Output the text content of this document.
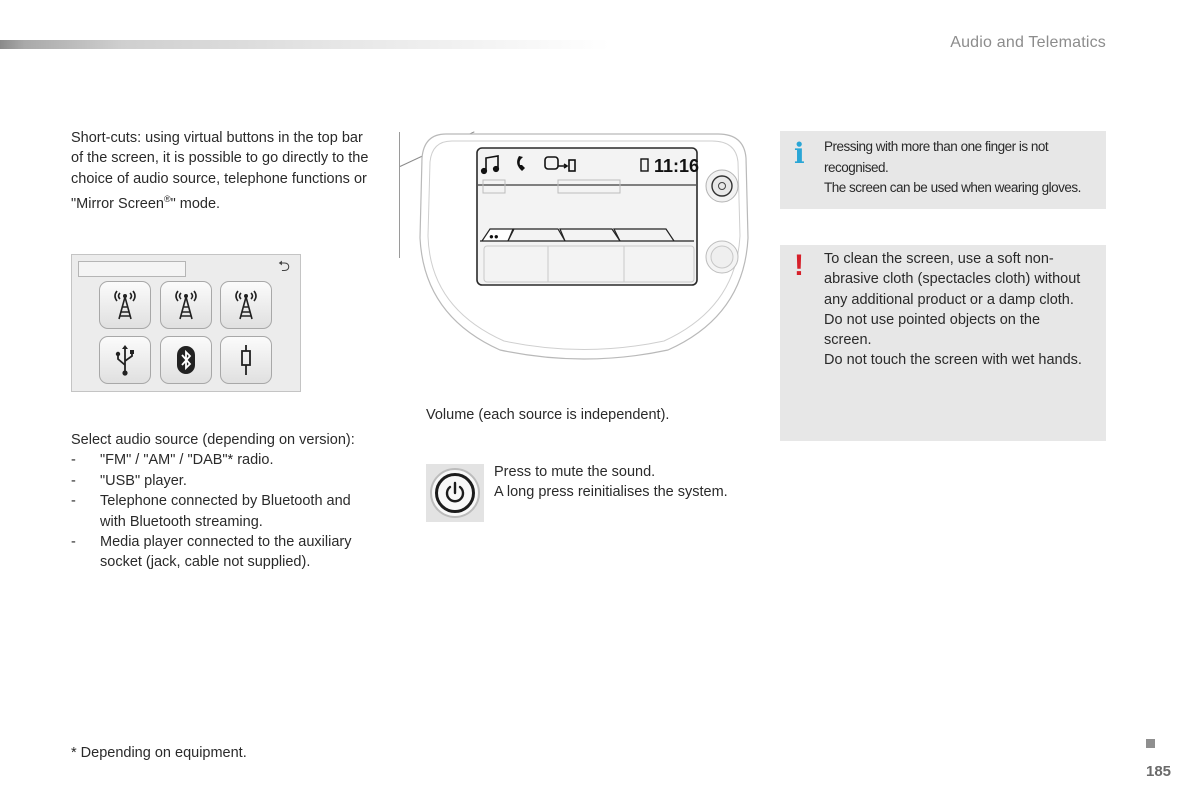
Audio and Telematics
Short-cuts: using virtual buttons in the top bar
of the screen, it is possible to go directly to the
choice of audio source, telephone functions or
"Mirror Screen®" mode.
⮌
Select audio source (depending on version):
- "FM" / "AM" / "DAB"* radio.
- "USB" player.
- Telephone connected by Bluetooth and
with Bluetooth streaming.
- Media player connected to the auxiliary
socket (jack, cable not supplied).
11:16
●●
Volume (each source is independent).
Press to mute the sound.
A long press reinitialises the system.
i Pressing with more than one finger is not
recognised.
The screen can be used when wearing gloves.
! To clean the screen, use a soft non-
abrasive cloth (spectacles cloth) without
any additional product or a damp cloth.
Do not use pointed objects on the
screen.
Do not touch the screen with wet hands.
* Depending on equipment.
185
